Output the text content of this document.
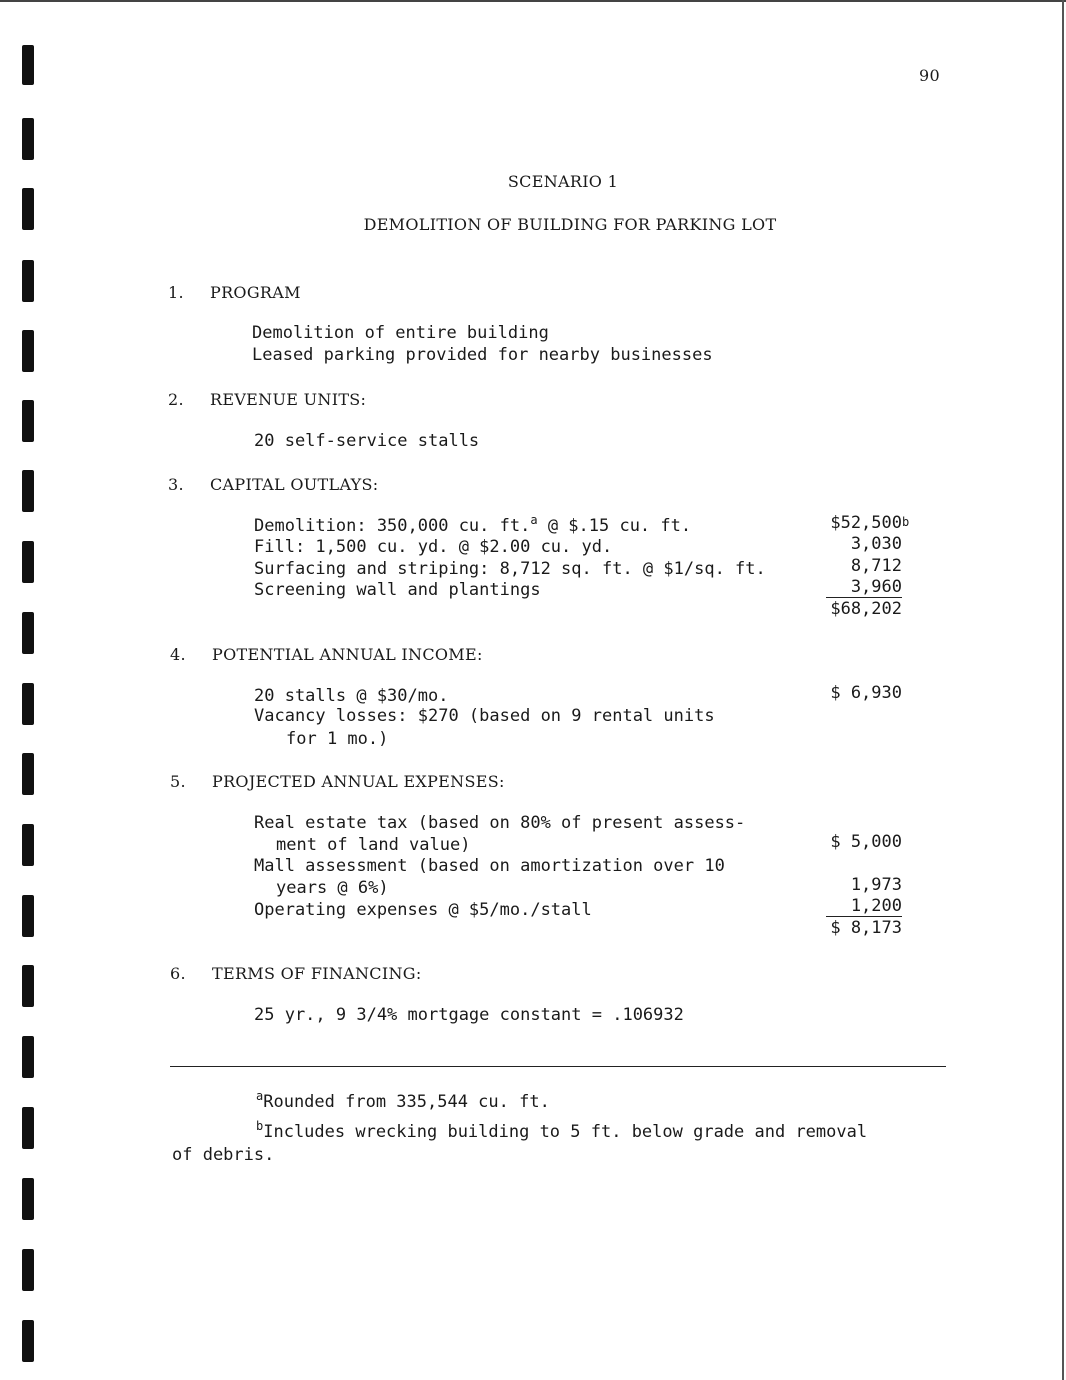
90
SCENARIO 1
DEMOLITION OF BUILDING FOR PARKING LOT
1. PROGRAM
Demolition of entire building
Leased parking provided for nearby businesses
2. REVENUE UNITS:
20 self-service stalls
3. CAPITAL OUTLAYS:
Demolition: 350,000 cu. ft.$^a$ @ $.15 cu. ft.	$52,500 b
Fill: 1,500 cu. yd. @ $2.00 cu. yd.	3,030
Surfacing and striping: 8,712 sq. ft. @ $1/sq. ft.	8,712
Screening wall and plantings	3,960
$68,202
4. POTENTIAL ANNUAL INCOME:
20 stalls @ $30/mo.	$ 6,930
Vacancy losses: $270 (based on 9 rental units
for 1 mo.)
5. PROJECTED ANNUAL EXPENSES:
Real estate tax (based on 80% of present assess-
ment of land value)	$ 5,000
Mall assessment (based on amortization over 10
years @ 6%)	1,973
Operating expenses @ $5/mo./stall	1,200
$ 8,173
6. TERMS OF FINANCING:
25 yr., 9 3/4% mortgage constant = .106932
$^a$Rounded from 335,544 cu. ft.
$^b$Includes wrecking building to 5 ft. below grade and removal
of debris.
